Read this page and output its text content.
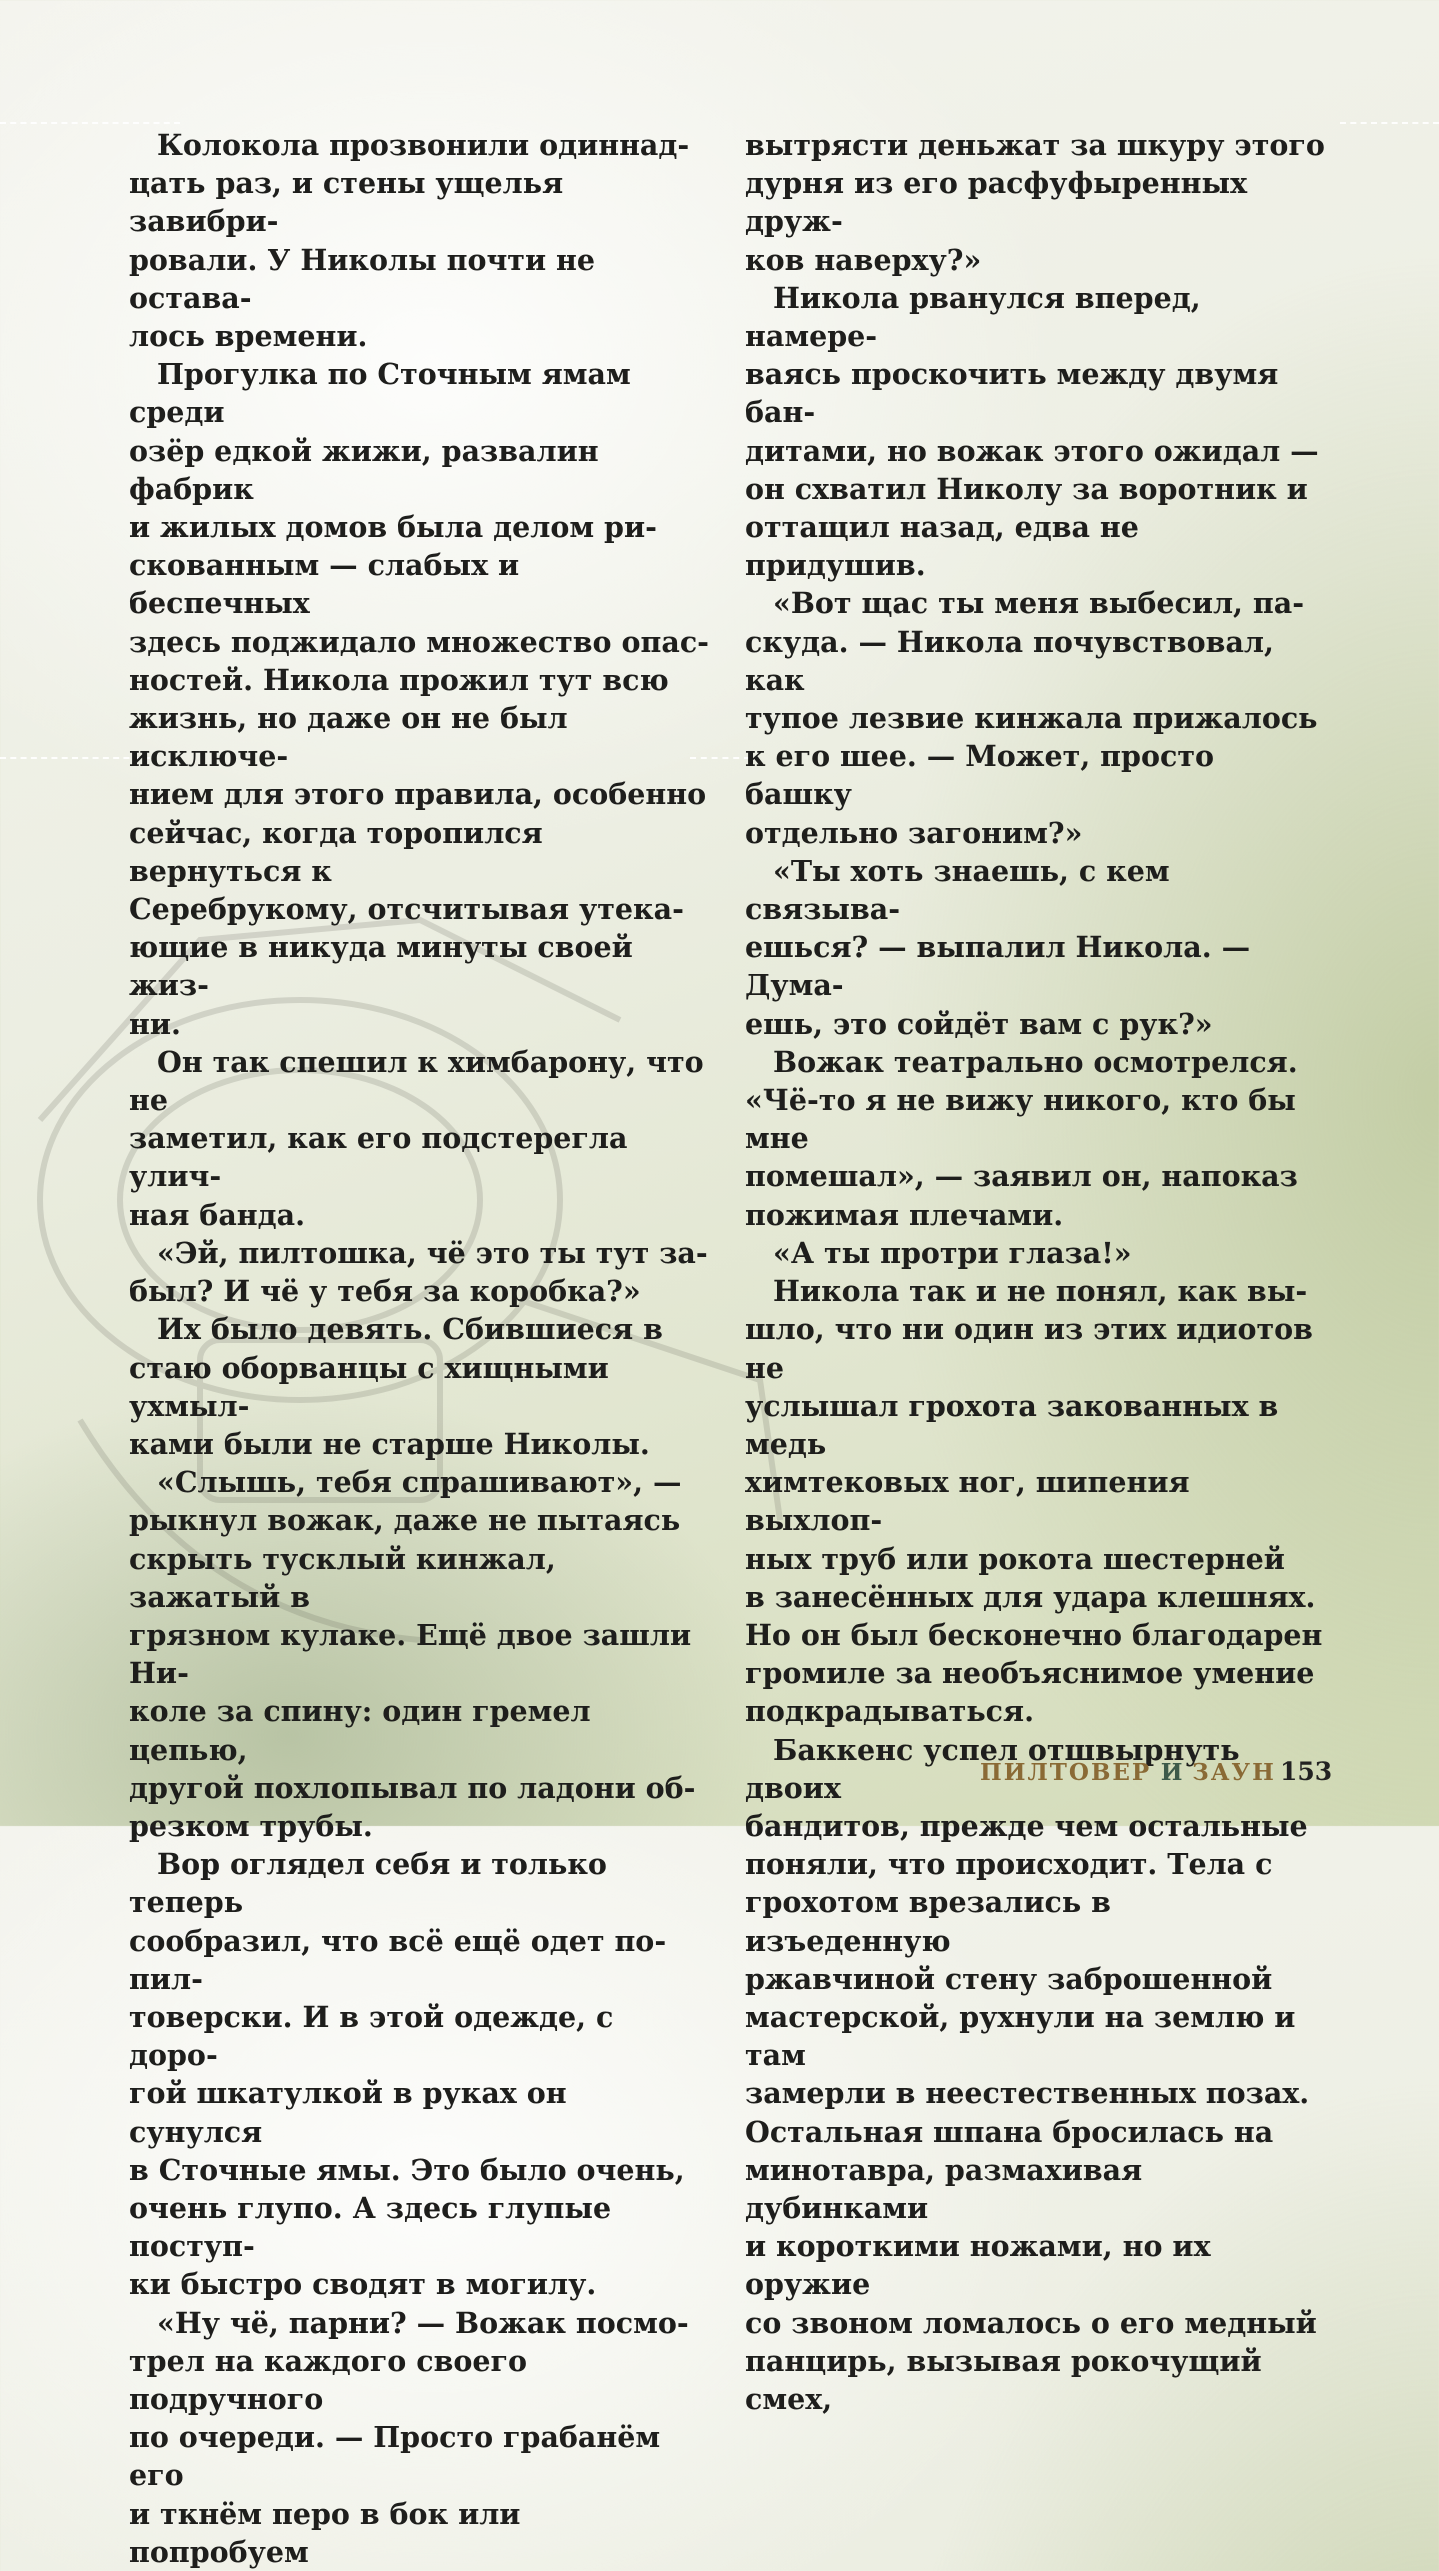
Колокола прозвонили одиннад-
цать раз, и стены ущелья завибри-
ровали. У Николы почти не остава-
лось времени.

Прогулка по Сточным ямам среди
озёр едкой жижи, развалин фабрик
и жилых домов была делом ри-
скованным — слабых и беспечных
здесь поджидало множество опас-
ностей. Никола прожил тут всю
жизнь, но даже он не был исключе-
нием для этого правила, особенно
сейчас, когда торопился вернуться к
Серебрукому, отсчитывая утека-
ющие в никуда минуты своей жиз-
ни.

Он так спешил к химбарону, что не
заметил, как его подстерегла улич-
ная банда.

«Эй, пилтошка, чё это ты тут за-
был? И чё у тебя за коробка?»

Их было девять. Сбившиеся в
стаю оборванцы с хищными ухмыл-
ками были не старше Николы.

«Слышь, тебя спрашивают», —
рыкнул вожак, даже не пытаясь
скрыть тусклый кинжал, зажатый в
грязном кулаке. Ещё двое зашли Ни-
коле за спину: один гремел цепью,
другой похлопывал по ладони об-
резком трубы.

Вор оглядел себя и только теперь
сообразил, что всё ещё одет по-пил-
товерски. И в этой одежде, с доро-
гой шкатулкой в руках он сунулся
в Сточные ямы. Это было очень,
очень глупо. А здесь глупые поступ-
ки быстро сводят в могилу.

«Ну чё, парни? — Вожак посмо-
трел на каждого своего подручного
по очереди. — Просто грабанём его
и ткнём перо в бок или попробуем

вытрясти деньжат за шкуру этого
дурня из его расфуфыренных друж-
ков наверху?»

Никола рванулся вперед, намере-
ваясь проскочить между двумя бан-
дитами, но вожак этого ожидал —
он схватил Николу за воротник и
оттащил назад, едва не придушив.

«Вот щас ты меня выбесил, па-
скуда. — Никола почувствовал, как
тупое лезвие кинжала прижалось
к его шее. — Может, просто башку
отдельно загоним?»

«Ты хоть знаешь, с кем связыва-
ешься? — выпалил Никола. — Дума-
ешь, это сойдёт вам с рук?»

Вожак театрально осмотрелся.
«Чё-то я не вижу никого, кто бы мне
помешал», — заявил он, напоказ
пожимая плечами.

«А ты протри глаза!»

Никола так и не понял, как вы-
шло, что ни один из этих идиотов не
услышал грохота закованных в медь
химтековых ног, шипения выхлоп-
ных труб или рокота шестерней
в занесённых для удара клешнях.
Но он был бесконечно благодарен
громиле за необъяснимое умение
подкрадываться.

Баккенс успел отшвырнуть двоих
бандитов, прежде чем остальные
поняли, что происходит. Тела с
грохотом врезались в изъеденную
ржавчиной стену заброшенной
мастерской, рухнули на землю и там
замерли в неестественных позах.
Остальная шпана бросилась на
минотавра, размахивая дубинками
и короткими ножами, но их оружие
со звоном ломалось о его медный
панцирь, вызывая рокочущий смех,

ПИЛТОВЕР И ЗАУН 153
